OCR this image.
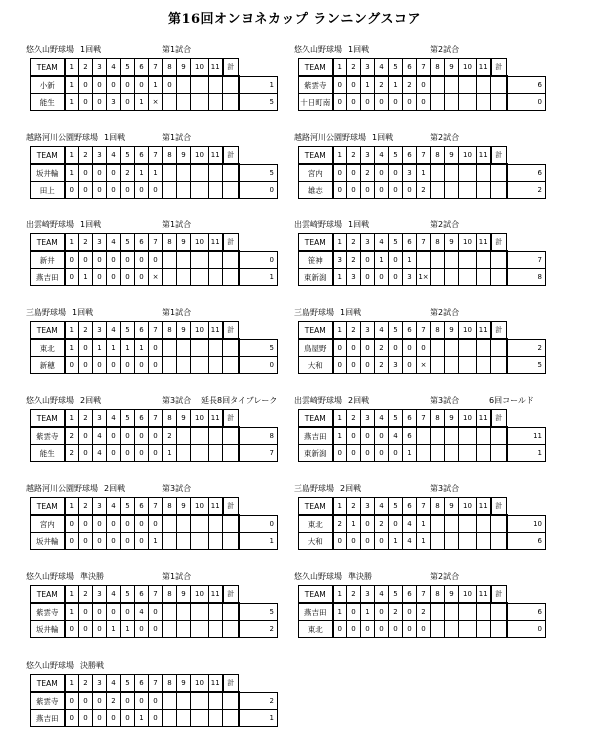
第16回オンヨネカップ ランニングスコア
悠久山野球場 1回戦	第1試合
TEAM	1	2	3	4	5	6	7	8	9	10	11	計	
小新	1	0	0	0	0	0	1	0					1
能生	1	0	0	3	0	1	×						5
悠久山野球場 1回戦	第2試合
TEAM	1	2	3	4	5	6	7	8	9	10	11	計	
紫雲寺	0	0	1	2	1	2	0						6
十日町南	0	0	0	0	0	0	0						0
越路河川公園野球場 1回戦	第1試合
TEAM	1	2	3	4	5	6	7	8	9	10	11	計	
坂井輪	1	0	0	0	2	1	1						5
田上	0	0	0	0	0	0	0						0
越路河川公園野球場 1回戦	第2試合
TEAM	1	2	3	4	5	6	7	8	9	10	11	計	
宮内	0	0	2	0	0	3	1						6
雄志	0	0	0	0	0	0	2						2
出雲崎野球場 1回戦	第1試合
TEAM	1	2	3	4	5	6	7	8	9	10	11	計	
新井	0	0	0	0	0	0	0						0
燕吉田	0	1	0	0	0	0	×						1
出雲崎野球場 1回戦	第2試合
TEAM	1	2	3	4	5	6	7	8	9	10	11	計	
笹神	3	2	0	1	0	1							7
東新潟	1	3	0	0	0	3	1×						8
三島野球場 1回戦	第1試合
TEAM	1	2	3	4	5	6	7	8	9	10	11	計	
東北	1	0	1	1	1	1	0						5
新穂	0	0	0	0	0	0	0						0
三島野球場 1回戦	第2試合
TEAM	1	2	3	4	5	6	7	8	9	10	11	計	
鳥屋野	0	0	0	2	0	0	0						2
大和	0	0	0	2	3	0	×						5
悠久山野球場 2回戦	第3試合 延長8回タイブレーク
TEAM	1	2	3	4	5	6	7	8	9	10	11	計	
紫雲寺	2	0	4	0	0	0	0	2					8
能生	2	0	4	0	0	0	0	1					7
出雲崎野球場 2回戦	第3試合	6回コールド
TEAM	1	2	3	4	5	6	7	8	9	10	11	計	
燕吉田	1	0	0	0	4	6							11
東新潟	0	0	0	0	0	1							1
越路河川公園野球場 2回戦	第3試合
TEAM	1	2	3	4	5	6	7	8	9	10	11	計	
宮内	0	0	0	0	0	0	0						0
坂井輪	0	0	0	0	0	0	1						1
三島野球場 2回戦	第3試合
TEAM	1	2	3	4	5	6	7	8	9	10	11	計	
東北	2	1	0	2	0	4	1						10
大和	0	0	0	0	1	4	1						6
悠久山野球場 準決勝	第1試合
TEAM	1	2	3	4	5	6	7	8	9	10	11	計	
紫雲寺	1	0	0	0	0	4	0						5
坂井輪	0	0	0	1	1	0	0						2
悠久山野球場 準決勝	第2試合
TEAM	1	2	3	4	5	6	7	8	9	10	11	計	
燕吉田	1	0	1	0	2	0	2						6
東北	0	0	0	0	0	0	0						0
悠久山野球場 決勝戦
TEAM	1	2	3	4	5	6	7	8	9	10	11	計	
紫雲寺	0	0	0	2	0	0	0						2
燕吉田	0	0	0	0	0	1	0						1
